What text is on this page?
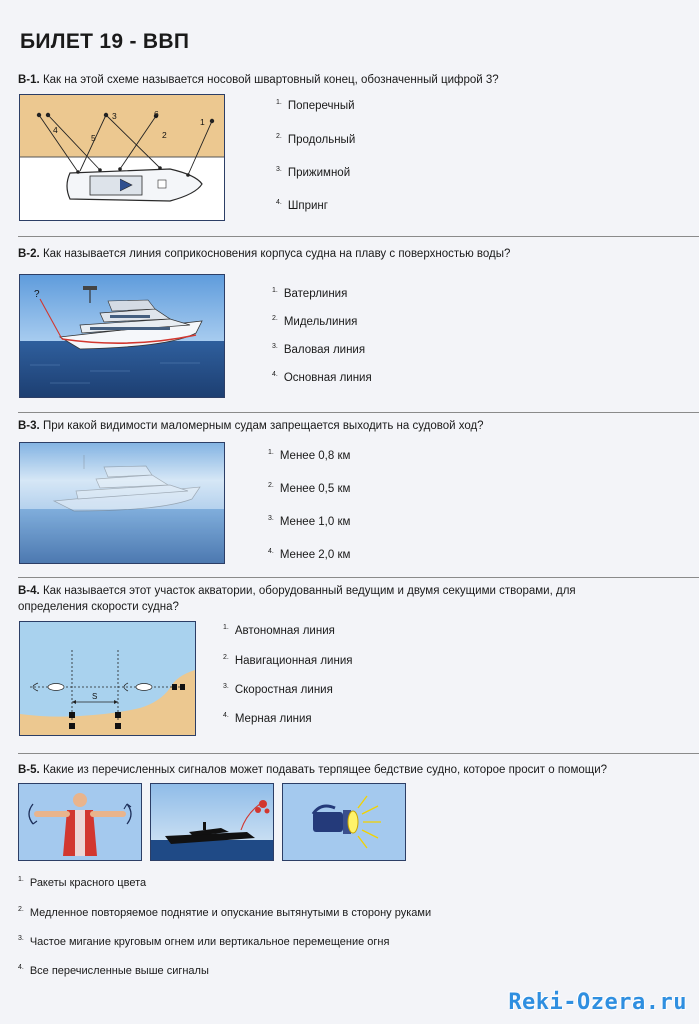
БИЛЕТ 19 - ВВП
В-1. Как на этой схеме называется носовой швартовный конец, обозначенный цифрой 3?
1
2
3
4
5
6
$^{1.}$ Поперечный
$^{2.}$ Продольный
$^{3.}$ Прижимной
$^{4.}$ Шпринг
В-2. Как называется линия соприкосновения корпуса судна на плаву с поверхностью воды?
?	$^{1.}$ Ватерлиния
$^{2.}$ Мидельлиния
$^{3.}$ Валовая линия
$^{4.}$ Основная линия
В-3. При какой видимости маломерным судам запрещается выходить на судовой ход?
$^{1.}$ Менее 0,8 км
$^{2.}$ Менее 0,5 км
$^{3.}$ Менее 1,0 км
$^{4.}$ Менее 2,0 км
В-4. Как называется этот участок акватории, оборудованный ведущим и двумя секущими створами, для
определения скорости судна?
S
$^{1.}$ Автономная линия
$^{2.}$ Навигационная линия
$^{3.}$ Скоростная линия
$^{4.}$ Мерная линия
В-5. Какие из перечисленных сигналов может подавать терпящее бедствие судно, которое просит о помощи?
$^{1.}$ Ракеты красного цвета
$^{2.}$ Медленное повторяемое поднятие и опускание вытянутыми в сторону руками
$^{3.}$ Частое мигание круговым огнем или вертикальное перемещение огня
$^{4.}$ Все перечисленные выше сигналы
Reki-Ozera.ru
